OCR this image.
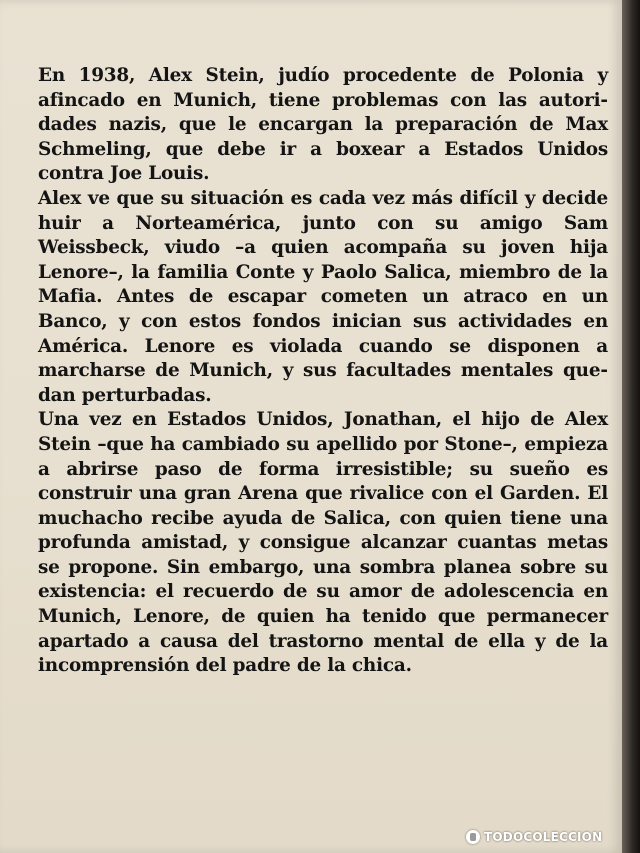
En 1938, Alex Stein, judío procedente de Polonia y afincado en Munich, tiene problemas con las autoridades nazis, que le encargan la preparación de Max Schmeling, que debe ir a boxear a Estados Unidos contra Joe Louis.

Alex ve que su situación es cada vez más difícil y decide huir a Norteamérica, junto con su amigo Sam Weissbeck, viudo –a quien acompaña su joven hija Lenore–, la familia Conte y Paolo Salica, miembro de la Mafia. Antes de escapar cometen un atraco en un Banco, y con estos fondos inician sus actividades en América. Lenore es violada cuando se disponen a marcharse de Munich, y sus facultades mentales quedan perturbadas.

Una vez en Estados Unidos, Jonathan, el hijo de Alex Stein –que ha cambiado su apellido por Stone–, empieza a abrirse paso de forma irresistible; su sueño es construir una gran Arena que rivalice con el Garden. El muchacho recibe ayuda de Salica, con quien tiene una profunda amistad, y consigue alcanzar cuantas metas se propone. Sin embargo, una sombra planea sobre su existencia: el recuerdo de su amor de adolescencia en Munich, Lenore, de quien ha tenido que permanecer apartado a causa del trastorno mental de ella y de la incomprensión del padre de la chica.

TODOCOLECCION
